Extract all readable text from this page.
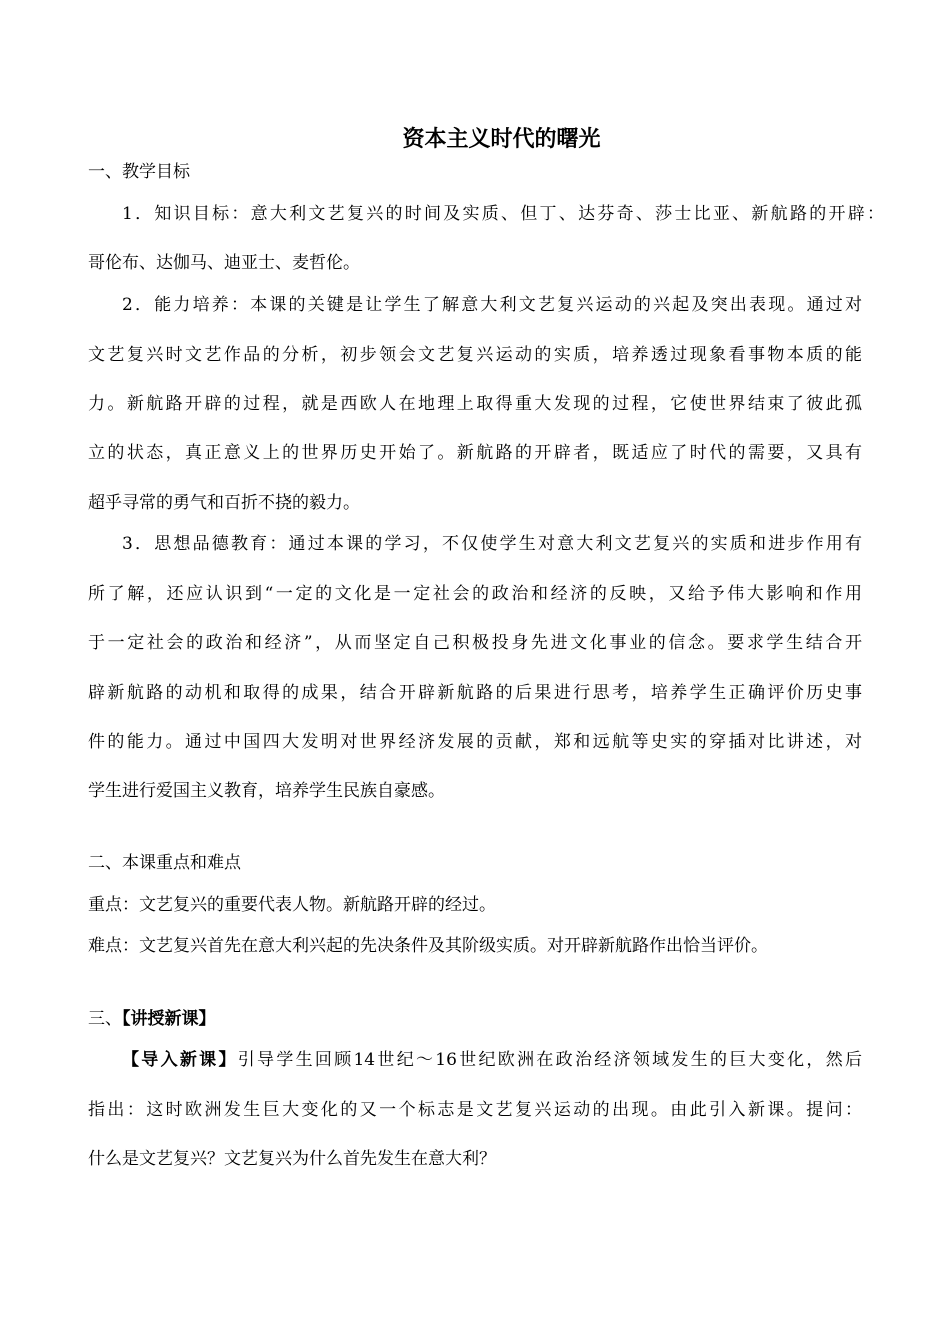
资本主义时代的曙光
一、教学目标
1．知识目标：意大利文艺复兴的时间及实质、但丁、达芬奇、莎士比亚、新航路的开辟：
哥伦布、达伽马、迪亚士、麦哲伦。
2．能力培养：本课的关键是让学生了解意大利文艺复兴运动的兴起及突出表现。通过对
文艺复兴时文艺作品的分析，初步领会文艺复兴运动的实质，培养透过现象看事物本质的能
力。新航路开辟的过程，就是西欧人在地理上取得重大发现的过程，它使世界结束了彼此孤
立的状态，真正意义上的世界历史开始了。新航路的开辟者，既适应了时代的需要，又具有
超乎寻常的勇气和百折不挠的毅力。
3．思想品德教育：通过本课的学习，不仅使学生对意大利文艺复兴的实质和进步作用有
所了解，还应认识到“一定的文化是一定社会的政治和经济的反映，又给予伟大影响和作用
于一定社会的政治和经济”，从而坚定自己积极投身先进文化事业的信念。要求学生结合开
辟新航路的动机和取得的成果，结合开辟新航路的后果进行思考，培养学生正确评价历史事
件的能力。通过中国四大发明对世界经济发展的贡献，郑和远航等史实的穿插对比讲述，对
学生进行爱国主义教育，培养学生民族自豪感。
二、本课重点和难点
重点：文艺复兴的重要代表人物。新航路开辟的经过。
难点：文艺复兴首先在意大利兴起的先决条件及其阶级实质。对开辟新航路作出恰当评价。
三、【讲授新课】
【导入新课】引导学生回顾14世纪～16世纪欧洲在政治经济领域发生的巨大变化，然后
指出：这时欧洲发生巨大变化的又一个标志是文艺复兴运动的出现。由此引入新课。提问：
什么是文艺复兴？文艺复兴为什么首先发生在意大利？
